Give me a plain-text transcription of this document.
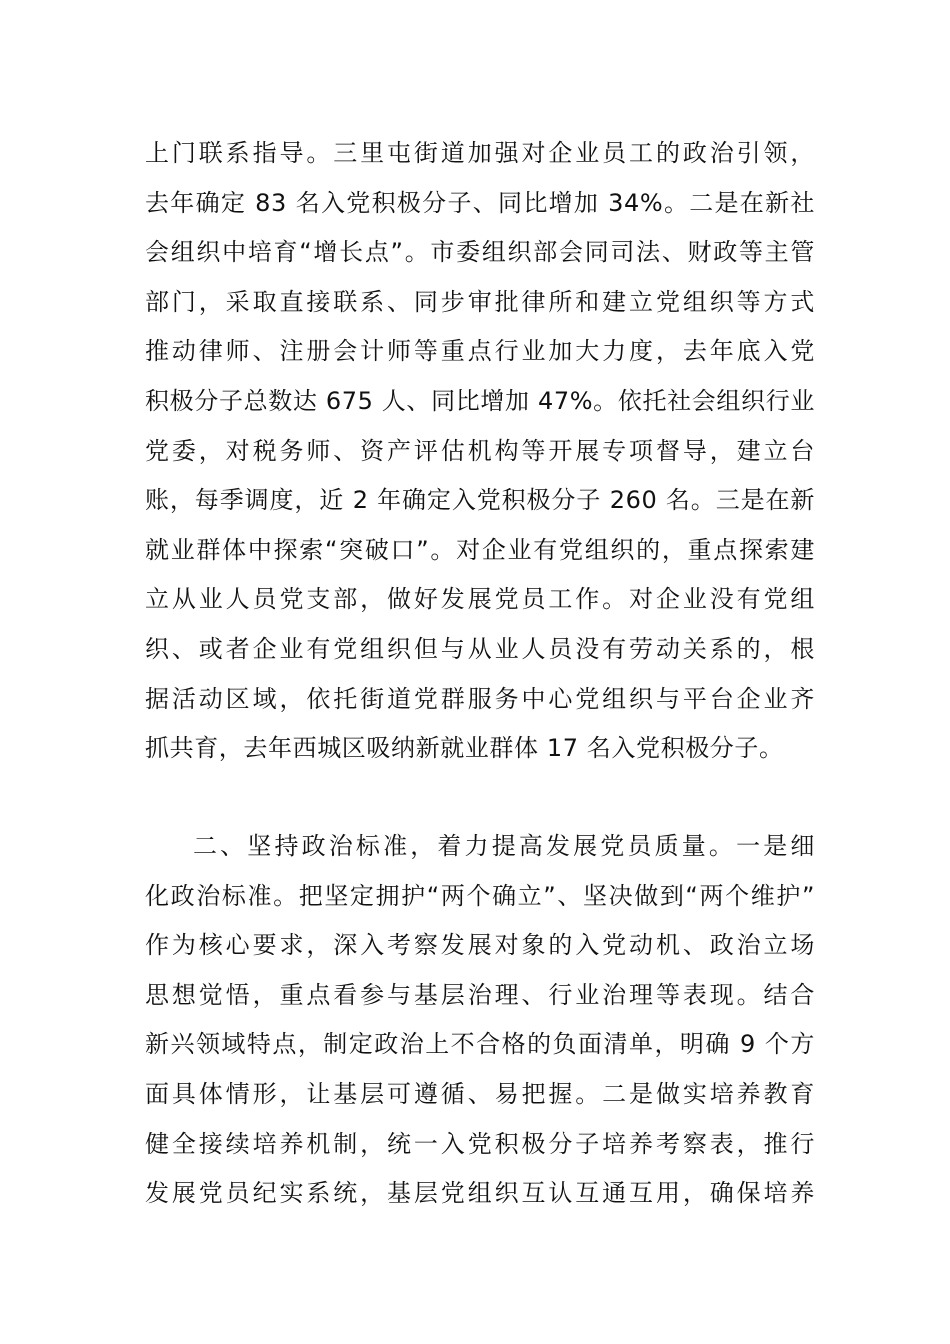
上门联系指导。三里屯街道加强对企业员工的政治引领，
去年确定 83 名入党积极分子、同比增加 34%。二是在新社
会组织中培育“增长点”。市委组织部会同司法、财政等主管
部门，采取直接联系、同步审批律所和建立党组织等方式
推动律师、注册会计师等重点行业加大力度，去年底入党
积极分子总数达 675 人、同比增加 47%。依托社会组织行业
党委，对税务师、资产评估机构等开展专项督导，建立台
账，每季调度，近 2 年确定入党积极分子 260 名。三是在新
就业群体中探索“突破口”。对企业有党组织的，重点探索建
立从业人员党支部，做好发展党员工作。对企业没有党组
织、或者企业有党组织但与从业人员没有劳动关系的，根
据活动区域，依托街道党群服务中心党组织与平台企业齐
抓共育，去年西城区吸纳新就业群体 17 名入党积极分子。
二、坚持政治标准，着力提高发展党员质量。一是细
化政治标准。把坚定拥护“两个确立”、坚决做到“两个维护”
作为核心要求，深入考察发展对象的入党动机、政治立场
思想觉悟，重点看参与基层治理、行业治理等表现。结合
新兴领域特点，制定政治上不合格的负面清单，明确 9 个方
面具体情形，让基层可遵循、易把握。二是做实培养教育
健全接续培养机制，统一入党积极分子培养考察表，推行
发展党员纪实系统，基层党组织互认互通互用，确保培养
